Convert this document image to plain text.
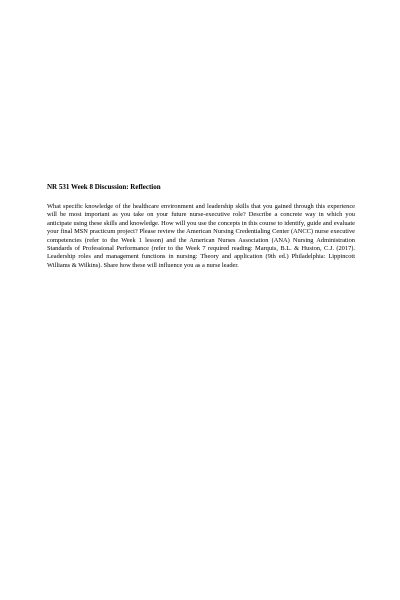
NR 531 Week 8 Discussion: Reflection

What specific knowledge of the healthcare environment and leadership skills that you gained through this experience will be most important as you take on your future nurse-executive role? Describe a concrete way in which you anticipate using these skills and knowledge. How will you use the concepts in this course to identify, guide and evaluate your final MSN practicum project? Please review the American Nursing Credentialing Center (ANCC) nurse executive competencies (refer to the Week 1 lesson) and the American Nurses Association (ANA) Nursing Administration Standards of Professional Performance (refer to the Week 7 required reading: Marquis, B.L. & Huston, C.J. (2017). Leadership roles and management functions in nursing: Theory and application (9th ed.) Philadelphia: Lippincott Williams & Wilkins). Share how these will influence you as a nurse leader.
